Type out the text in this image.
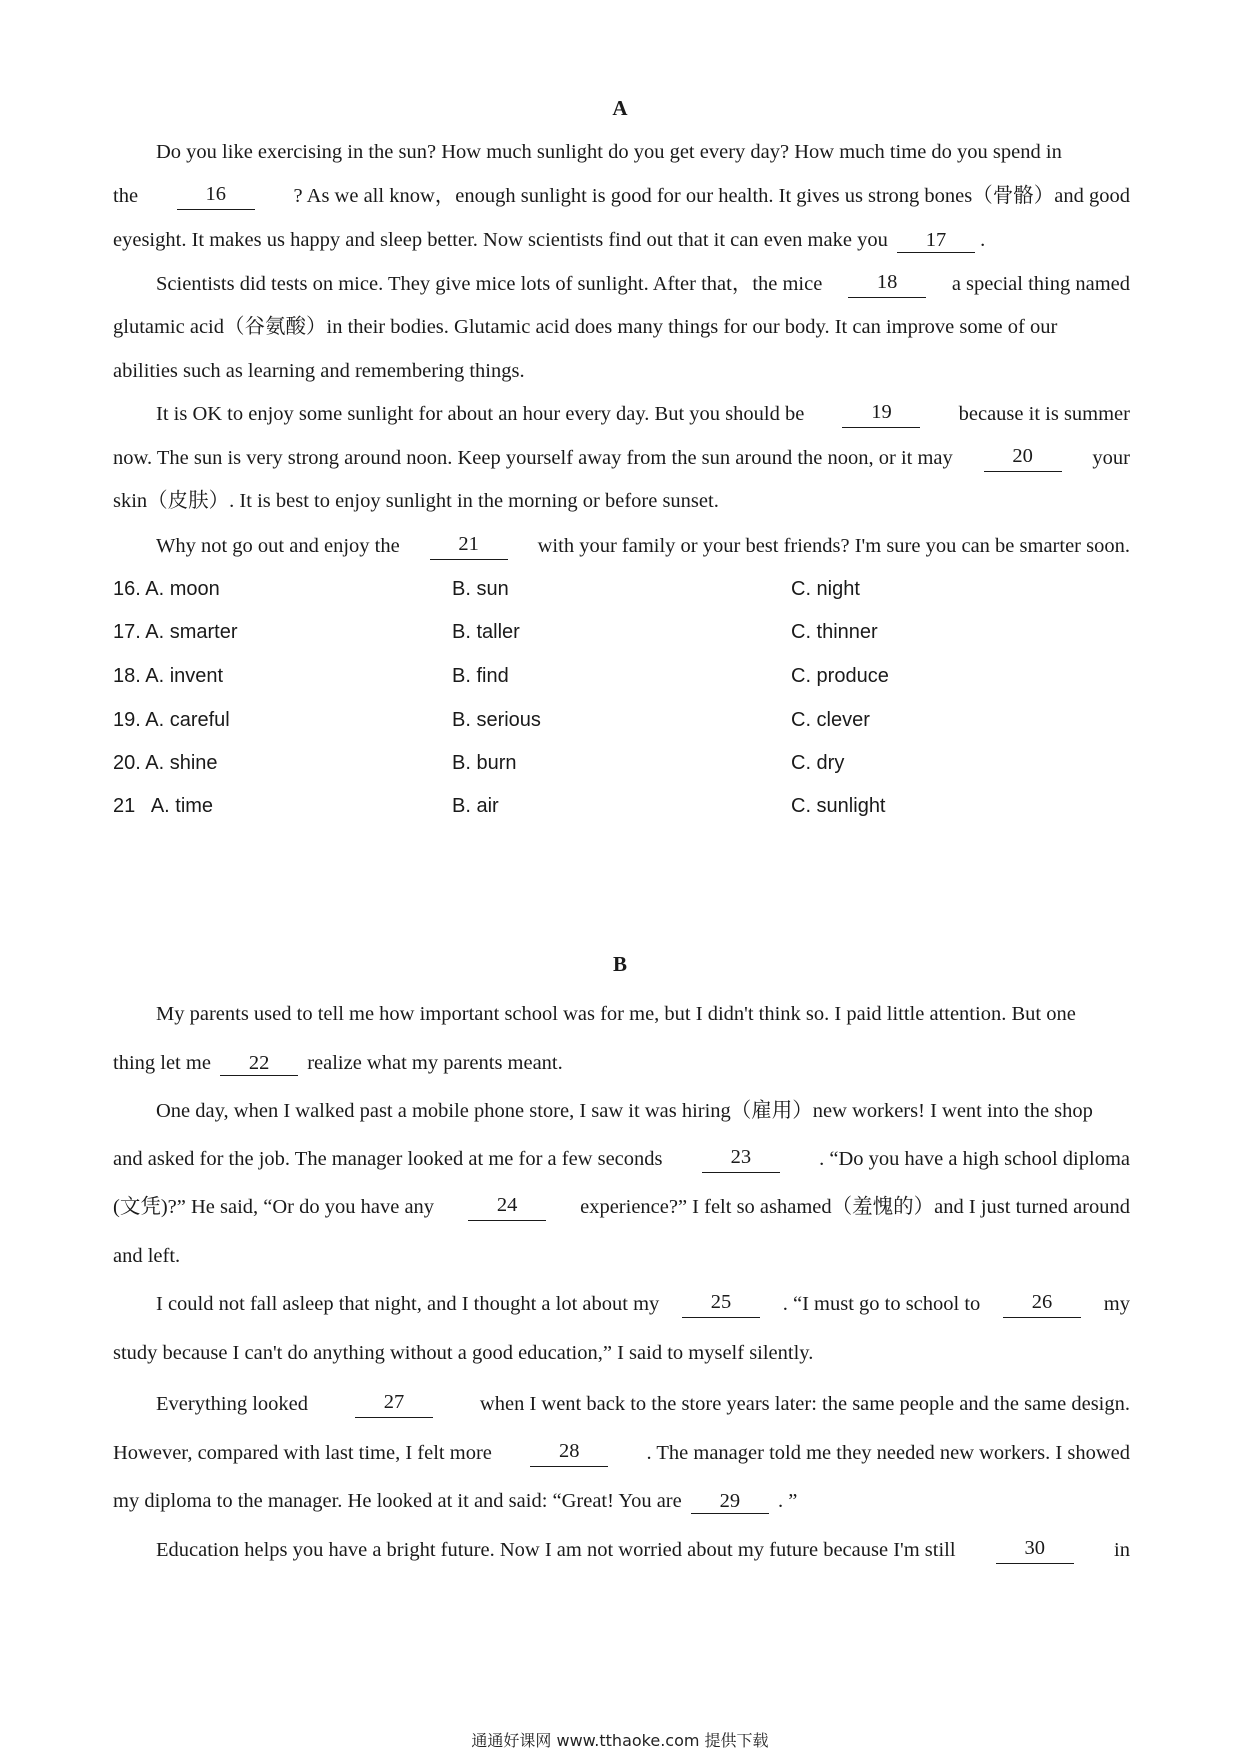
A
Do you like exercising in the sun? How much sunlight do you get every day? How much time do you spend in
the	16	? As we all know，enough sunlight is good for our health. It gives us strong bones（骨骼）and good
eyesight. It makes us happy and sleep better. Now scientists find out that it can even make you 17 .
Scientists did tests on mice. They give mice lots of sunlight. After that，the mice	18	a special thing named
glutamic acid（谷氨酸）in their bodies. Glutamic acid does many things for our body. It can improve some of our
abilities such as learning and remembering things.
It is OK to enjoy some sunlight for about an hour every day. But you should be	19	because it is summer
now. The sun is very strong around noon. Keep yourself away from the sun around the noon, or it may	20	your
skin（皮肤）. It is best to enjoy sunlight in the morning or before sunset.
Why not go out and enjoy the	21	with your family or your best friends? I'm sure you can be smarter soon.
16. A. moon	B. sun	C. night
17. A. smarter	B. taller	C. thinner
18. A. invent	B. find	C. produce
19. A. careful	B. serious	C. clever
20. A. shine	B. burn	C. dry
21   A. time	B. air	C. sunlight
B
My parents used to tell me how important school was for me, but I didn't think so. I paid little attention. But one
thing let me 22 realize what my parents meant.
One day, when I walked past a mobile phone store, I saw it was hiring（雇用）new workers! I went into the shop
and asked for the job. The manager looked at me for a few seconds	23	. “Do you have a high school diploma
(文凭)?” He said, “Or do you have any	24	experience?” I felt so ashamed（羞愧的）and I just turned around
and left.
I could not fall asleep that night, and I thought a lot about my	25	. “I must go to school to	26	my
study because I can't do anything without a good education,” I said to myself silently.
Everything looked	27	when I went back to the store years later: the same people and the same design.
However, compared with last time, I felt more	28	. The manager told me they needed new workers. I showed
my diploma to the manager. He looked at it and said: “Great! You are 29 . ”
Education helps you have a bright future. Now I am not worried about my future because I'm still	30	in
通通好课网 www.tthaoke.com 提供下载
